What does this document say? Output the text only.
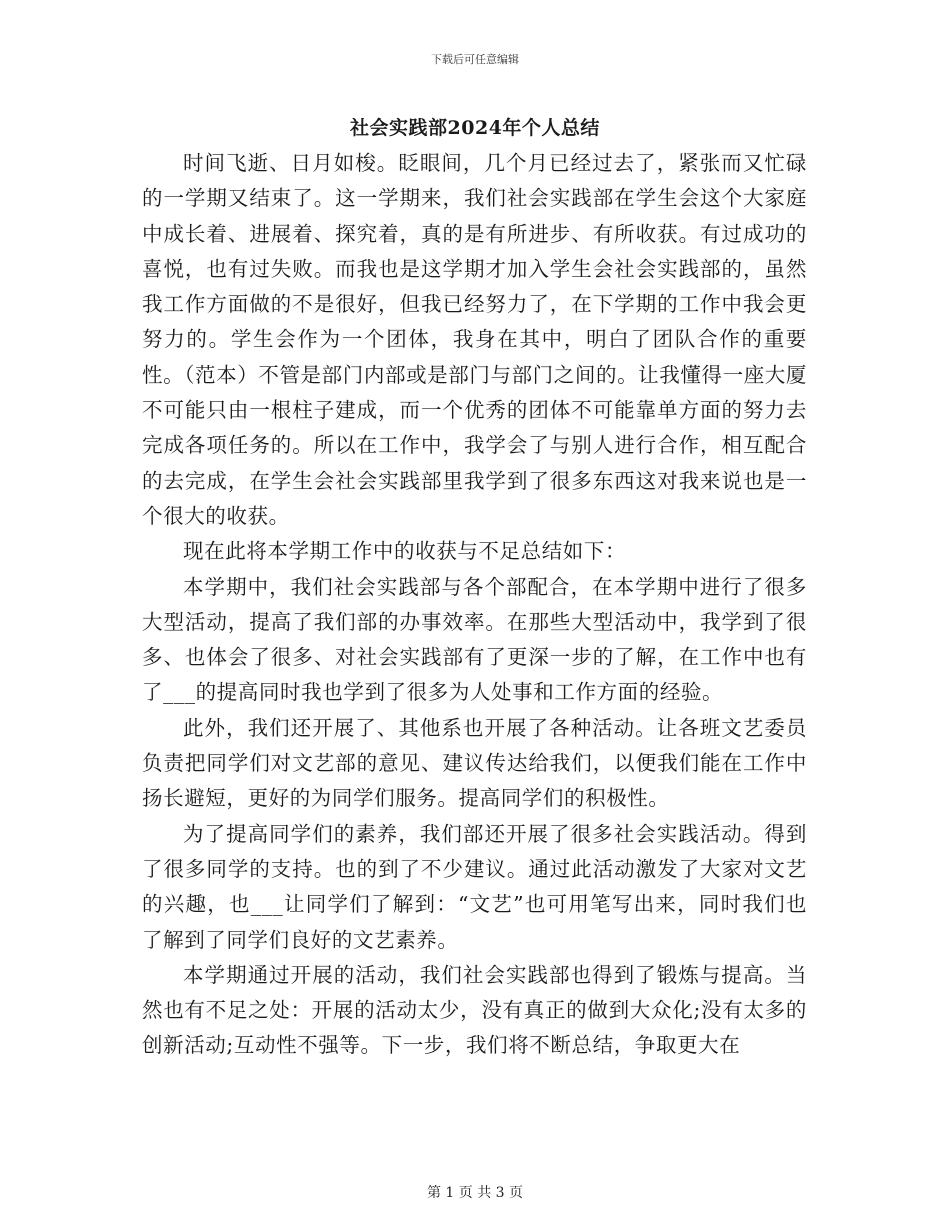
下载后可任意编辑
社会实践部2024年个人总结

时间飞逝、日月如梭。眨眼间，几个月已经过去了，紧张而又忙碌的一学期又结束了。这一学期来，我们社会实践部在学生会这个大家庭中成长着、进展着、探究着，真的是有所进步、有所收获。有过成功的喜悦，也有过失败。而我也是这学期才加入学生会社会实践部的，虽然我工作方面做的不是很好，但我已经努力了，在下学期的工作中我会更努力的。学生会作为一个团体，我身在其中，明白了团队合作的重要性。（范本）不管是部门内部或是部门与部门之间的。让我懂得一座大厦不可能只由一根柱子建成，而一个优秀的团体不可能靠单方面的努力去完成各项任务的。所以在工作中，我学会了与别人进行合作，相互配合的去完成，在学生会社会实践部里我学到了很多东西这对我来说也是一个很大的收获。

现在此将本学期工作中的收获与不足总结如下：

本学期中，我们社会实践部与各个部配合，在本学期中进行了很多大型活动，提高了我们部的办事效率。在那些大型活动中，我学到了很多、也体会了很多、对社会实践部有了更深一步的了解，在工作中也有了___的提高同时我也学到了很多为人处事和工作方面的经验。

此外，我们还开展了、其他系也开展了各种活动。让各班文艺委员负责把同学们对文艺部的意见、建议传达给我们，以便我们能在工作中扬长避短，更好的为同学们服务。提高同学们的积极性。

为了提高同学们的素养，我们部还开展了很多社会实践活动。得到了很多同学的支持。也的到了不少建议。通过此活动激发了大家对文艺的兴趣，也___让同学们了解到：“文艺”也可用笔写出来，同时我们也了解到了同学们良好的文艺素养。

本学期通过开展的活动，我们社会实践部也得到了锻炼与提高。当然也有不足之处：开展的活动太少，没有真正的做到大众化;没有太多的创新活动;互动性不强等。下一步，我们将不断总结，争取更大在

第 1 页 共 3 页
